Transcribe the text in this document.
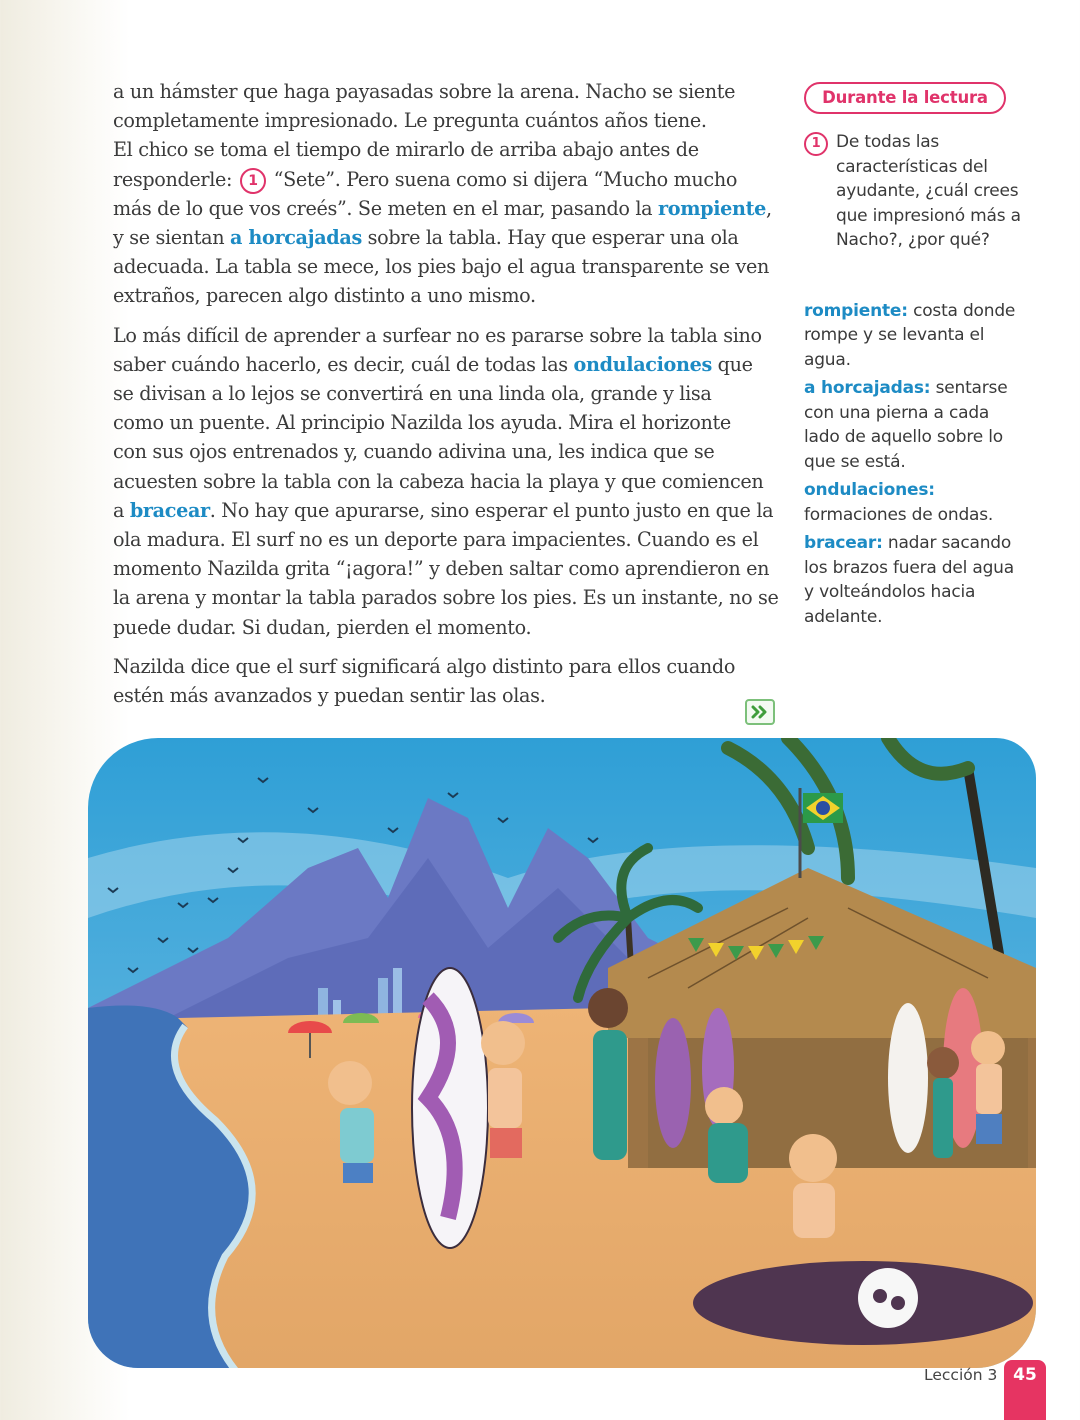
a un hámster que haga payasadas sobre la arena. Nacho se siente
completamente impresionado. Le pregunta cuántos años tiene.
El chico se toma el tiempo de mirarlo de arriba abajo antes de
responderle: 1 “Sete”. Pero suena como si dijera “Mucho mucho
más de lo que vos creés”. Se meten en el mar, pasando la rompiente,
y se sientan a horcajadas sobre la tabla. Hay que esperar una ola
adecuada. La tabla se mece, los pies bajo el agua transparente se ven
extraños, parecen algo distinto a uno mismo.

Lo más difícil de aprender a surfear no es pararse sobre la tabla sino
saber cuándo hacerlo, es decir, cuál de todas las ondulaciones que
se divisan a lo lejos se convertirá en una linda ola, grande y lisa
como un puente. Al principio Nazilda los ayuda. Mira el horizonte
con sus ojos entrenados y, cuando adivina una, les indica que se
acuesten sobre la tabla con la cabeza hacia la playa y que comiencen
a bracear. No hay que apurarse, sino esperar el punto justo en que la
ola madura. El surf no es un deporte para impacientes. Cuando es el
momento Nazilda grita “¡agora!” y deben saltar como aprendieron en
la arena y montar la tabla parados sobre los pies. Es un instante, no se
puede dudar. Si dudan, pierden el momento.

Nazilda dice que el surf significará algo distinto para ellos cuando
estén más avanzados y puedan sentir las olas.

Durante la lectura
1 De todas las características del ayudante, ¿cuál crees que impresionó más a Nacho?, ¿por qué?
rompiente: costa donde rompe y se levanta el agua.
a horcajadas: sentarse con una pierna a cada lado de aquello sobre lo que se está.
ondulaciones:
formaciones de ondas.
bracear: nadar sacando los brazos fuera del agua y volteándolos hacia adelante.
Lección 3 45
